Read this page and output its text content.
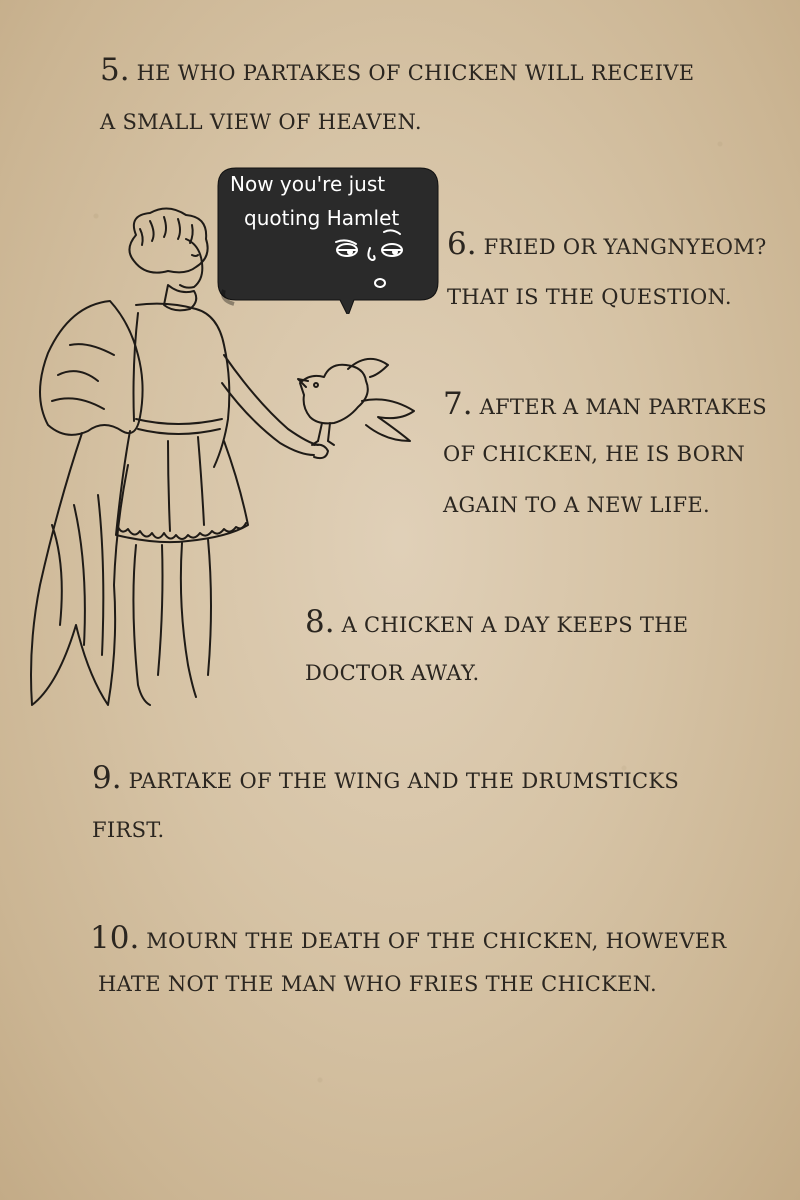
5. HE WHO PARTAKES OF CHICKEN WILL RECEIVE

A SMALL VIEW OF HEAVEN.

6. FRIED OR YANGNYEOM?

THAT IS THE QUESTION.

7. AFTER A MAN PARTAKES

OF CHICKEN, HE IS BORN

AGAIN TO A NEW LIFE.

8. A CHICKEN A DAY KEEPS THE

DOCTOR AWAY.

9. PARTAKE OF THE WING AND THE DRUMSTICKS

FIRST.

10. MOURN THE DEATH OF THE CHICKEN, HOWEVER

HATE NOT THE MAN WHO FRIES THE CHICKEN.

Now you're just
quoting Hamlet
